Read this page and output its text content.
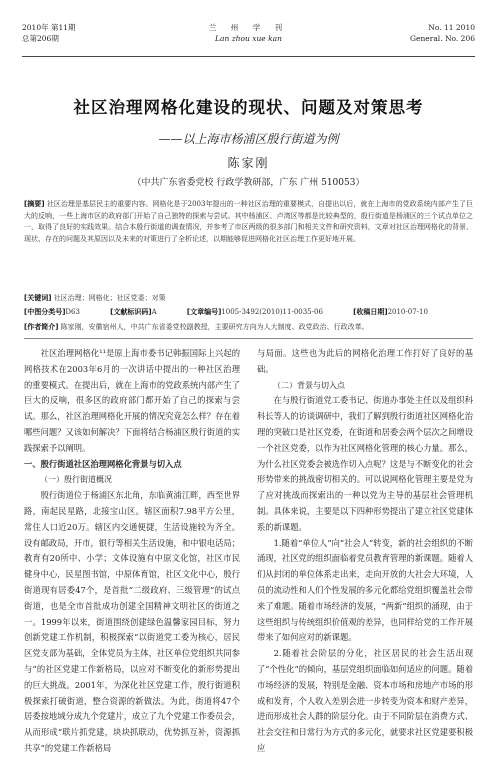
2010年 第11期
总第206期
兰 州 学 刊
Lan zhou xue kan
No. 11 2010
General. No. 206
社区治理网格化建设的现状、问题及对策思考
——以上海市杨浦区殷行街道为例
陈家刚
（中共广东省委党校 行政学教研部，广东 广州 510053）
[摘要] 社区治理是基层民主的重要内容。网格化是于2003年提出的一种社区治理的重要模式，自提出以后，就在上海市的党政系统内部产生了巨大的反响，一些上海市区的政府部门开始了自己独特的探索与尝试。其中杨浦区、卢湾区等都是比较典型的，殷行街道是杨浦区的三个试点单位之一，取得了良好的实践效果。结合本殷行街道的调查情况，并参考了市区两级的很多部门和相关文件和研究资料，文章对社区治理网格化的背景、现状、存在的问题及其原因以及未来的对策进行了全析论述，以期能够促进网格化社区治理工作更好地开展。
[关键词] 社区治理；网格化；社区党委；对策
[中图分类号]D63	[文献标识码]A	[文章编号]1005-3492(2010)11-0035-06	[收稿日期]2010-07-10
[作者简介] 陈家刚，安徽宿州人，中共广东省委党校副教授，主要研究方向为人大制度、政党政治、行政改革。

社区治理网格化¹¹是原上海市委书记韩振国际上兴起的网格技术在2003年6月的一次讲话中提出的一种社区治理的重要模式。在提出后，就在上海市的党政系统内部产生了巨大的反响，很多区的政府部门都开始了自己的探索与尝试。那么，社区治理网格化开展的情况究竟怎么样？存在着哪些问题？又该如何解决？下面将结合杨浦区殷行街道的实践探索予以阐明。

一、殷行街道社区治理网格化背景与切入点
（一）殷行街道概况

殷行街道位于杨浦区东北角，东临黄浦江畔，西至世界路，南起民星路，北接宝山区。辖区面积7.98平方公里，常住人口近20万。辖区内交通便捷，生活设施较为齐全。设有邮政局，开市，银行等相关生活设施，和中银电话局；教育有20所中、小学；文体设施有中原文化馆，社区市民健身中心，民星图书馆，中原体育馆，社区文化中心，殷行街道现有居委47个，是首批“二级政府、三级管理”的试点街道，也是全市首批成功创建全国精神文明社区的街道之一。1999年以来，街道围绕创建绿色温馨家园目标，努力创新党建工作机制，积极探索“以街道党工委为核心，居民区党支部为基础，全体党员为主体，社区单位党组织共同参与”的社区党建工作新格局，以应对不断变化的新形势提出的巨大挑战。2001年，为深化社区党建工作，殷行街道积极探索打破街道，整合资源的新做法。为此，街道将47个居委按地域分成九个党建片，成立了九个党建工作委员会，从而形成“联片抓党建，块块抓联动，优势抓互补，资源抓共享”的党建工作新格局

与局面。这些也为此后的网格化治理工作打好了良好的基础。

（二）背景与切入点

在与殷行街道党工委书记、街道办事处主任以及组织科科长等人的访谈调研中，我们了解到殷行街道社区网格化治理的突破口是社区党委，在街道和居委会两个层次之间增设一个社区党委，以作为社区网格化管理的核心力量。那么，为什么社区党委会被选作切入点呢？这是与不断变化的社会形势带来的挑战密切相关的。可以说网格化管理主要是党为了应对挑战而探索出的一种以党为主导的基层社会管理机制。具体来说，主要是以下四种形势提出了建立社区党建体系的新课题。

1.随着“单位人”向“社会人”转变，新的社会组织的不断涌现，社区党的组织面临着党员教育管理的新课题。随着人们从封闭的单位体系走出来，走向开放的大社会大环境，人员的流动性和人们个性发展的多元化都给党组织覆盖社会带来了难题。随着市场经济的发展，“两新”组织的涌现，由于这些组织与传统组织价值观的差异，也同样给党的工作开展带来了如何应对的新课题。

2.随着社会阶层的分化，社区居民的社会生活出现了“个性化”的倾向，基层党组织面临如何适应的问题。随着市场经济的发展，特别是金融、资本市场和房地产市场的形成和发育，个人收入差别会进一步转变为资本和财产差异，进而形成社会人群的阶层分化。由于不同阶层在消费方式、社会交往和日常行为方式的多元化，就要求社区党建要积极应
